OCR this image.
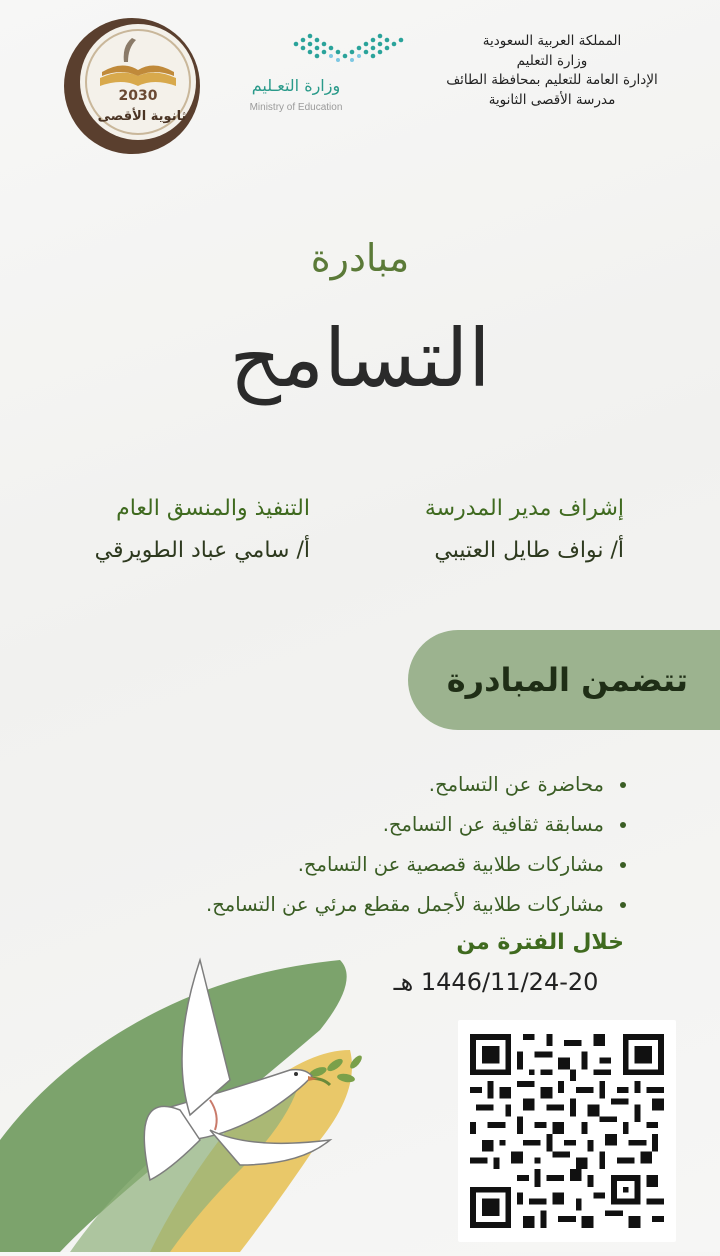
المملكة العربية السعودية
وزارة التعليم
الإدارة العامة للتعليم بمحافظة الطائف
مدرسة الأقصى الثانوية
وزارة التعـليم
Ministry of Education
2030
ثانوية الأقصى
مبادرة
التسامح
إشراف مدير المدرسة
أ/ نواف طايل العتيبي
التنفيذ والمنسق العام
أ/ سامي عباد الطويرقي
تتضمن المبادرة
محاضرة عن التسامح.
مسابقة ثقافية عن التسامح.
مشاركات طلابية قصصية عن التسامح.
مشاركات طلابية لأجمل مقطع مرئي عن التسامح.
خلال الفترة من
1446/11/24-20 هـ
